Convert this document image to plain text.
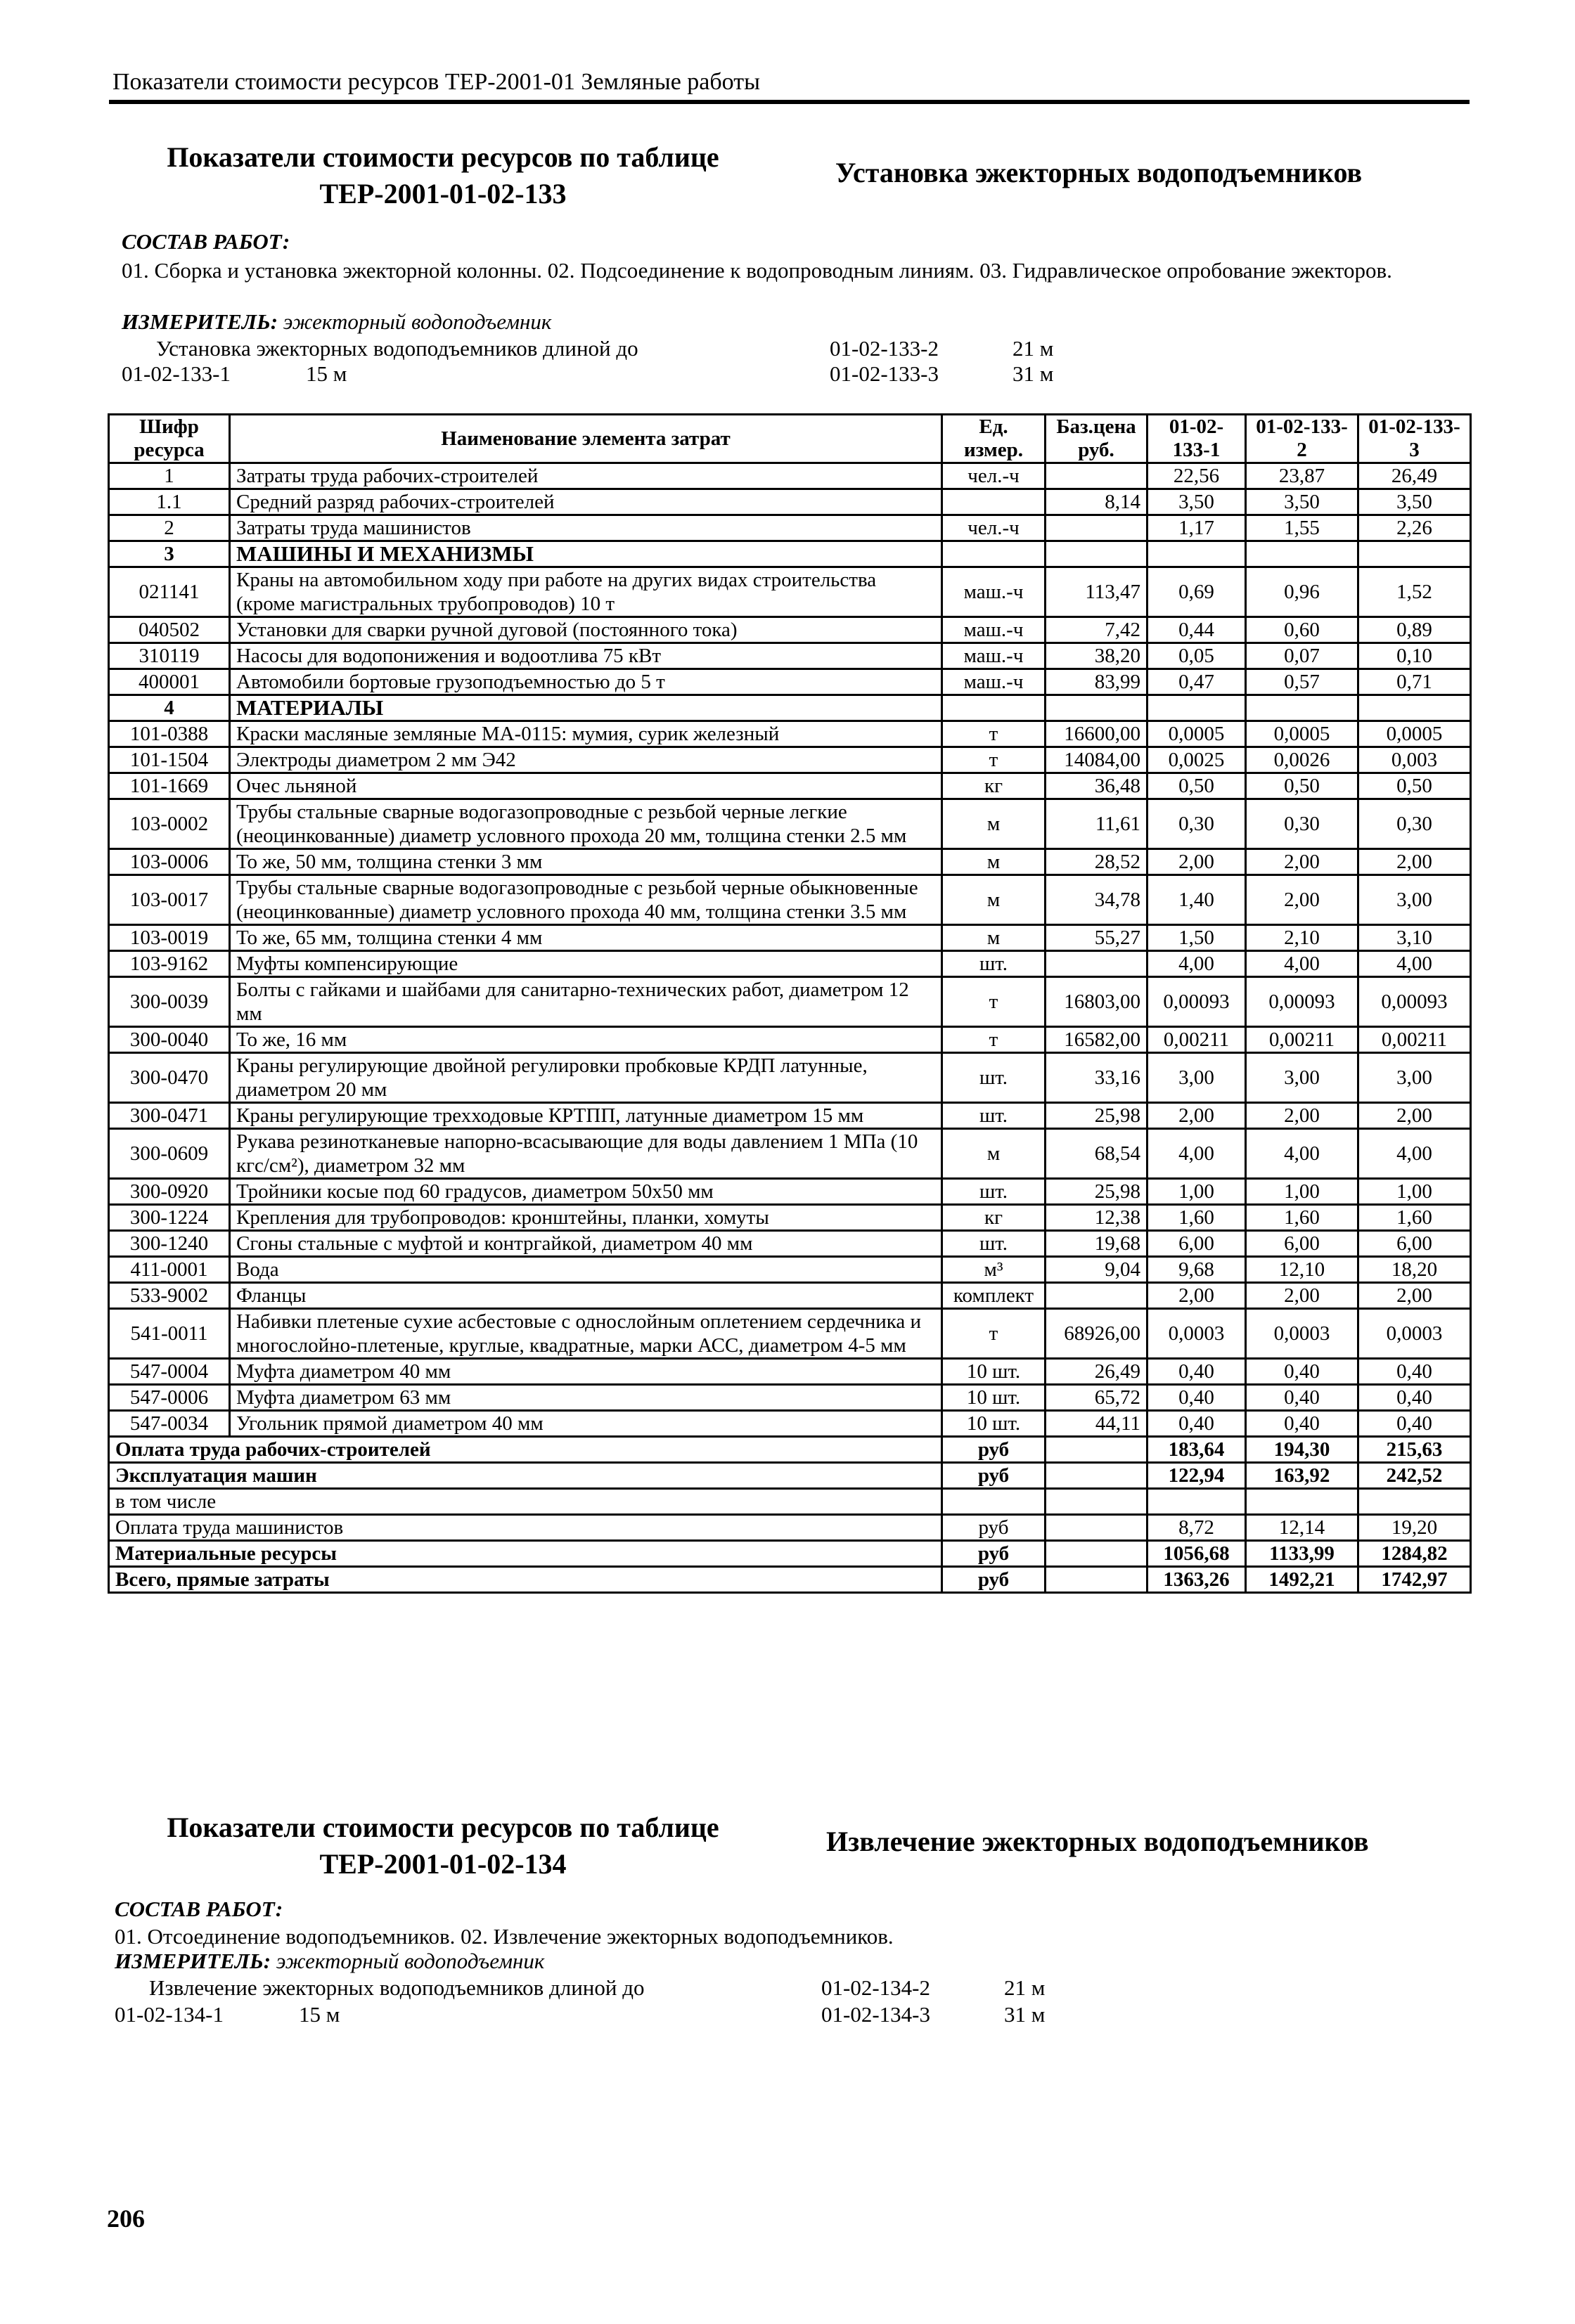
Показатели стоимости ресурсов ТЕР-2001-01 Земляные работы
Показатели стоимости ресурсов по таблице
ТЕР-2001-01-02-133
Установка эжекторных водоподъемников
СОСТАВ РАБОТ:
01. Сборка и установка эжекторной колонны. 02. Подсоединение к водопроводным линиям. 03. Гидравлическое опробование эжекторов.
ИЗМЕРИТЕЛЬ: эжекторный водоподъемник
Установка эжекторных водоподъемников длиной до
01-02-133-1	15 м
01-02-133-2	21 м
01-02-133-3	31 м
Шифр ресурса	Наименование элемента затрат	Ед. измер.	Баз.цена руб.	01-02-133-1	01-02-133-2	01-02-133-3
1	Затраты труда рабочих-строителей	чел.-ч		22,56	23,87	26,49
1.1	Средний разряд рабочих-строителей		8,14	3,50	3,50	3,50
2	Затраты труда машинистов	чел.-ч		1,17	1,55	2,26
3	МАШИНЫ И МЕХАНИЗМЫ					
021141	Краны на автомобильном ходу при работе на других видах строительства (кроме магистральных трубопроводов) 10 т	маш.-ч	113,47	0,69	0,96	1,52
040502	Установки для сварки ручной дуговой (постоянного тока)	маш.-ч	7,42	0,44	0,60	0,89
310119	Насосы для водопонижения и водоотлива 75 кВт	маш.-ч	38,20	0,05	0,07	0,10
400001	Автомобили бортовые грузоподъемностью до 5 т	маш.-ч	83,99	0,47	0,57	0,71
4	МАТЕРИАЛЫ					
101-0388	Краски масляные земляные МА-0115: мумия, сурик железный	т	16600,00	0,0005	0,0005	0,0005
101-1504	Электроды диаметром 2 мм Э42	т	14084,00	0,0025	0,0026	0,003
101-1669	Очес льняной	кг	36,48	0,50	0,50	0,50
103-0002	Трубы стальные сварные водогазопроводные с резьбой черные легкие (неоцинкованные) диаметр условного прохода 20 мм, толщина стенки 2.5 мм	м	11,61	0,30	0,30	0,30
103-0006	То же, 50 мм, толщина стенки 3 мм	м	28,52	2,00	2,00	2,00
103-0017	Трубы стальные сварные водогазопроводные с резьбой черные обыкновенные (неоцинкованные) диаметр условного прохода 40 мм, толщина стенки 3.5 мм	м	34,78	1,40	2,00	3,00
103-0019	То же, 65 мм, толщина стенки 4 мм	м	55,27	1,50	2,10	3,10
103-9162	Муфты компенсирующие	шт.		4,00	4,00	4,00
300-0039	Болты с гайками и шайбами для санитарно-технических работ, диаметром 12 мм	т	16803,00	0,00093	0,00093	0,00093
300-0040	То же, 16 мм	т	16582,00	0,00211	0,00211	0,00211
300-0470	Краны регулирующие двойной регулировки пробковые КРДП латунные, диаметром 20 мм	шт.	33,16	3,00	3,00	3,00
300-0471	Краны регулирующие трехходовые КРТПП, латунные диаметром 15 мм	шт.	25,98	2,00	2,00	2,00
300-0609	Рукава резинотканевые напорно-всасывающие для воды давлением 1 МПа (10 кгс/см²), диаметром 32 мм	м	68,54	4,00	4,00	4,00
300-0920	Тройники косые под 60 градусов, диаметром 50х50 мм	шт.	25,98	1,00	1,00	1,00
300-1224	Крепления для трубопроводов: кронштейны, планки, хомуты	кг	12,38	1,60	1,60	1,60
300-1240	Сгоны стальные с муфтой и контргайкой, диаметром 40 мм	шт.	19,68	6,00	6,00	6,00
411-0001	Вода	м³	9,04	9,68	12,10	18,20
533-9002	Фланцы	комплект		2,00	2,00	2,00
541-0011	Набивки плетеные сухие асбестовые с однослойным оплетением сердечника и многослойно-плетеные, круглые, квадратные, марки АСС, диаметром 4-5 мм	т	68926,00	0,0003	0,0003	0,0003
547-0004	Муфта диаметром 40 мм	10 шт.	26,49	0,40	0,40	0,40
547-0006	Муфта диаметром 63 мм	10 шт.	65,72	0,40	0,40	0,40
547-0034	Угольник прямой диаметром 40 мм	10 шт.	44,11	0,40	0,40	0,40
Оплата труда рабочих-строителей		руб		183,64	194,30	215,63
Эксплуатация машин		руб		122,94	163,92	242,52
в том числе						
Оплата труда машинистов		руб		8,72	12,14	19,20
Материальные ресурсы		руб		1056,68	1133,99	1284,82
Всего, прямые затраты		руб		1363,26	1492,21	1742,97
Показатели стоимости ресурсов по таблице
ТЕР-2001-01-02-134
Извлечение эжекторных водоподъемников
СОСТАВ РАБОТ:
01. Отсоединение водоподъемников. 02. Извлечение эжекторных водоподъемников.
ИЗМЕРИТЕЛЬ: эжекторный водоподъемник
Извлечение эжекторных водоподъемников длиной до
01-02-134-1	15 м
01-02-134-2	21 м
01-02-134-3	31 м
206
